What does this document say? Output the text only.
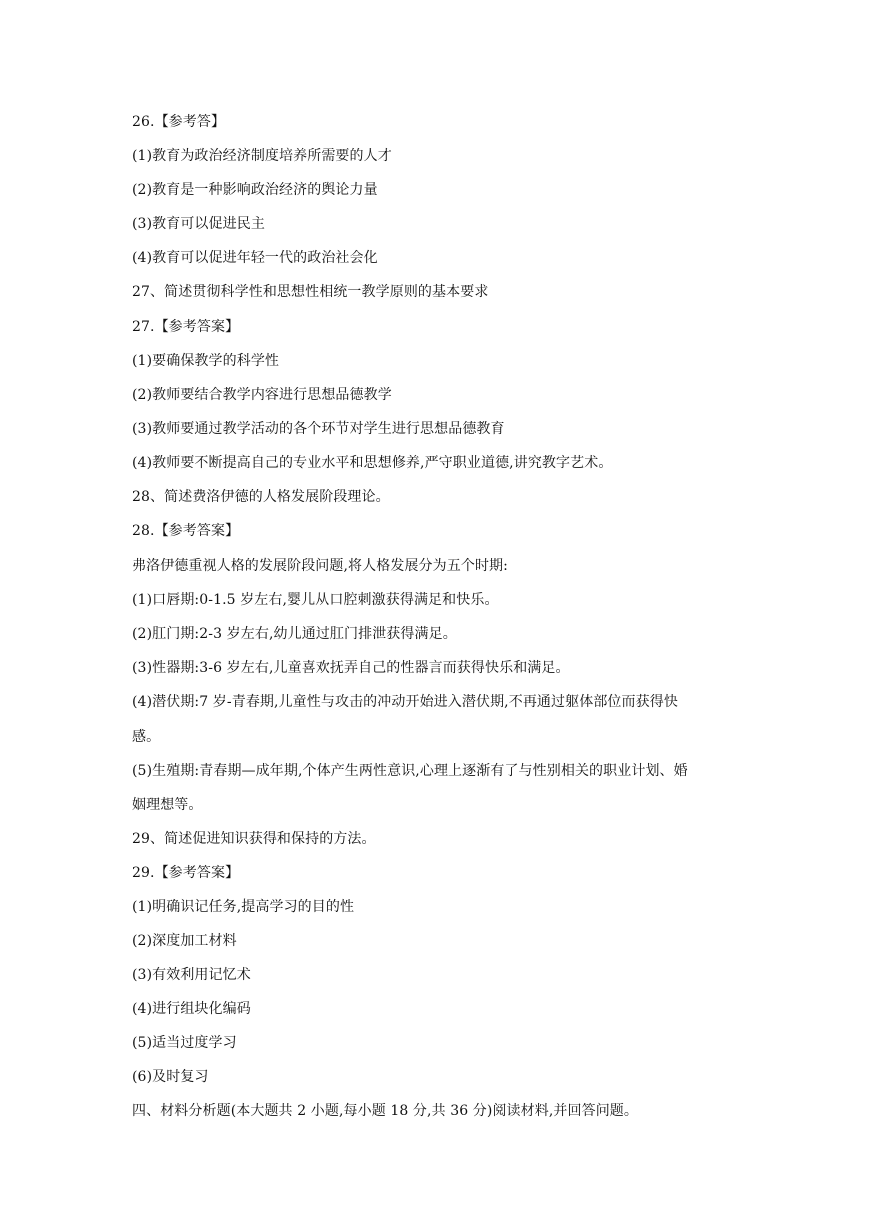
26.【参考答】
(1)教育为政治经济制度培养所需要的人才
(2)教育是一种影响政治经济的舆论力量
(3)教育可以促进民主
(4)教育可以促进年轻一代的政治社会化
27、简述贯彻科学性和思想性相统一教学原则的基本要求
27.【参考答案】
(1)要确保教学的科学性
(2)教师要结合教学内容进行思想品德教学
(3)教师要通过教学活动的各个环节对学生进行思想品德教育
(4)教师要不断提高自己的专业水平和思想修养,严守职业道德,讲究教字艺术。
28、简述费洛伊德的人格发展阶段理论。
28.【参考答案】
弗洛伊德重视人格的发展阶段问题,将人格发展分为五个时期:
(1)口唇期:0-1.5 岁左右,婴儿从口腔刺激获得满足和快乐。
(2)肛门期:2-3 岁左右,幼儿通过肛门排泄获得满足。
(3)性器期:3-6 岁左右,儿童喜欢抚弄自己的性器言而获得快乐和满足。
(4)潜伏期:7 岁-青春期,儿童性与攻击的冲动开始进入潜伏期,不再通过躯体部位而获得快
感。
(5)生殖期:青春期—成年期,个体产生两性意识,心理上逐渐有了与性别相关的职业计划、婚
姻理想等。
29、简述促进知识获得和保持的方法。
29.【参考答案】
(1)明确识记任务,提高学习的目的性
(2)深度加工材料
(3)有效利用记忆术
(4)进行组块化编码
(5)适当过度学习
(6)及时复习
四、材料分析题(本大题共 2 小题,每小题 18 分,共 36 分)阅读材料,并回答问题。
